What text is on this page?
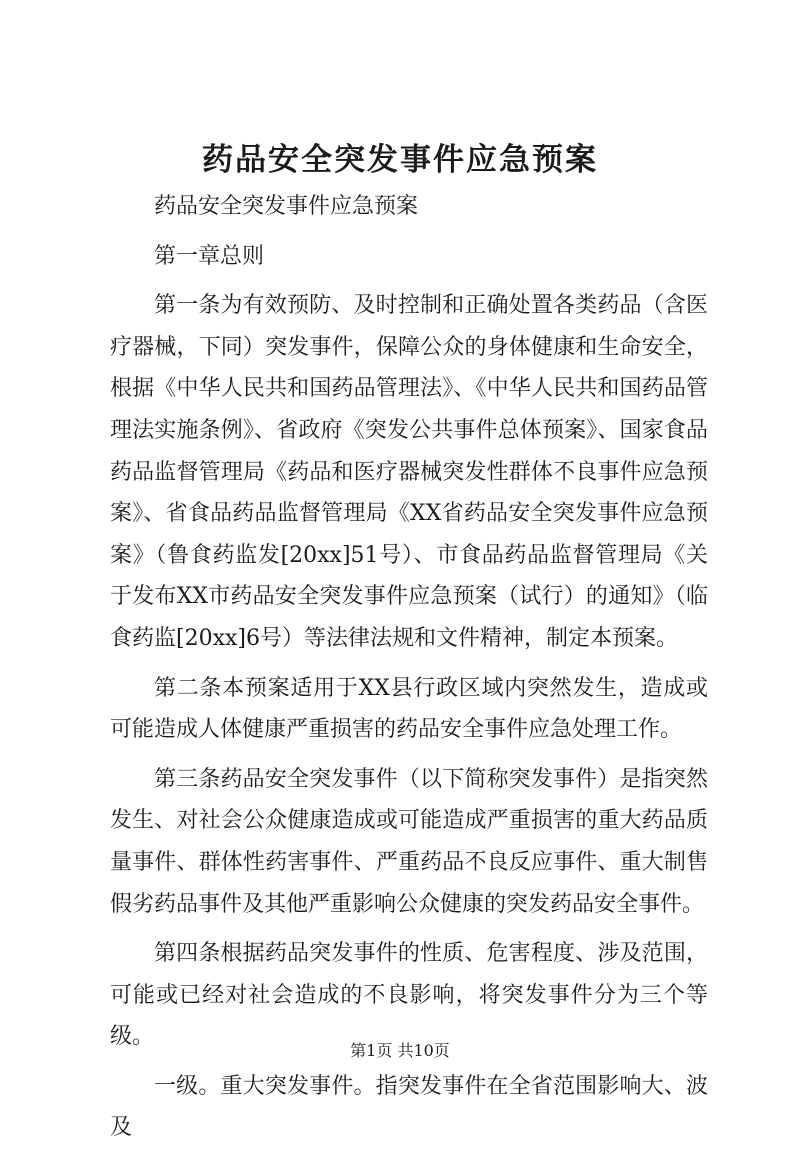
药品安全突发事件应急预案

药品安全突发事件应急预案

第一章总则

第一条为有效预防、及时控制和正确处置各类药品（含医疗器械，下同）突发事件，保障公众的身体健康和生命安全，根据《中华人民共和国药品管理法》、《中华人民共和国药品管理法实施条例》、省政府《突发公共事件总体预案》、国家食品药品监督管理局《药品和医疗器械突发性群体不良事件应急预案》、省食品药品监督管理局《XX省药品安全突发事件应急预案》（鲁食药监发[20xx]51号）、市食品药品监督管理局《关于发布XX市药品安全突发事件应急预案（试行）的通知》（临食药监[20xx]6号）等法律法规和文件精神，制定本预案。

第二条本预案适用于XX县行政区域内突然发生，造成或可能造成人体健康严重损害的药品安全事件应急处理工作。

第三条药品安全突发事件（以下简称突发事件）是指突然发生、对社会公众健康造成或可能造成严重损害的重大药品质量事件、群体性药害事件、严重药品不良反应事件、重大制售假劣药品事件及其他严重影响公众健康的突发药品安全事件。

第四条根据药品突发事件的性质、危害程度、涉及范围，可能或已经对社会造成的不良影响，将突发事件分为三个等级。

一级。重大突发事件。指突发事件在全省范围影响大、波及

第1页 共10页
